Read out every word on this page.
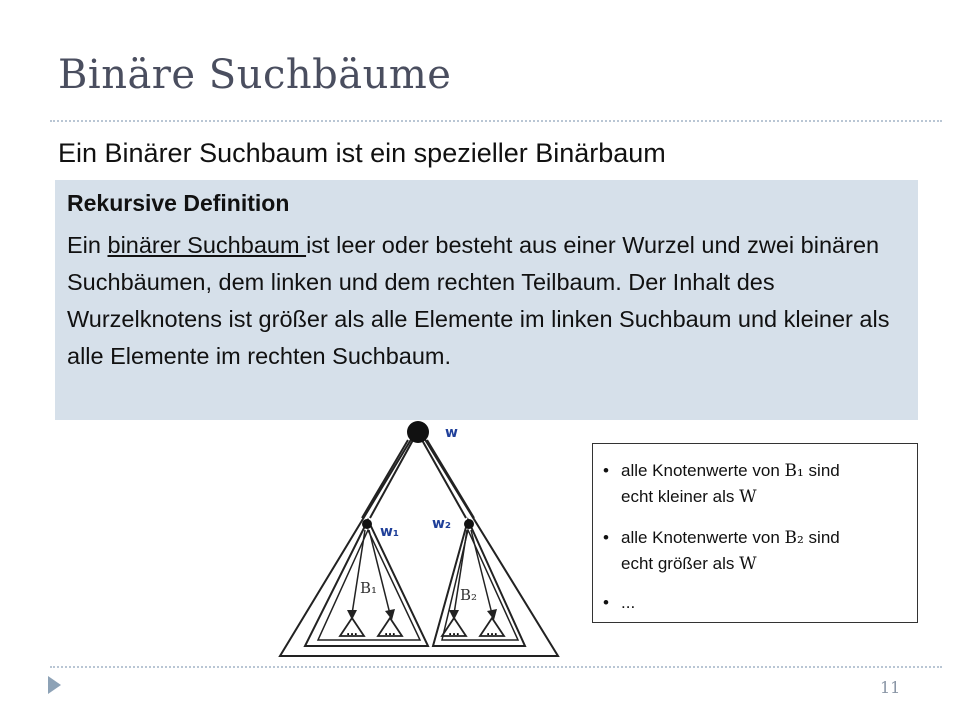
Binäre Suchbäume
Ein Binärer Suchbaum ist ein spezieller Binärbaum
Rekursive Definition
Ein binärer Suchbaum ist leer oder besteht aus einer Wurzel und zwei binären Suchbäumen, dem linken und dem rechten Teilbaum. Der Inhalt des Wurzelknotens ist größer als alle Elemente im linken Suchbaum und kleiner als alle Elemente im rechten Suchbaum.
...	...	...	...
w
w₁ w₂
B₁	B₂
• alle Knotenwerte von B₁ sind
echt kleiner als W
• alle Knotenwerte von B₂ sind
echt größer als W
• ...
11
